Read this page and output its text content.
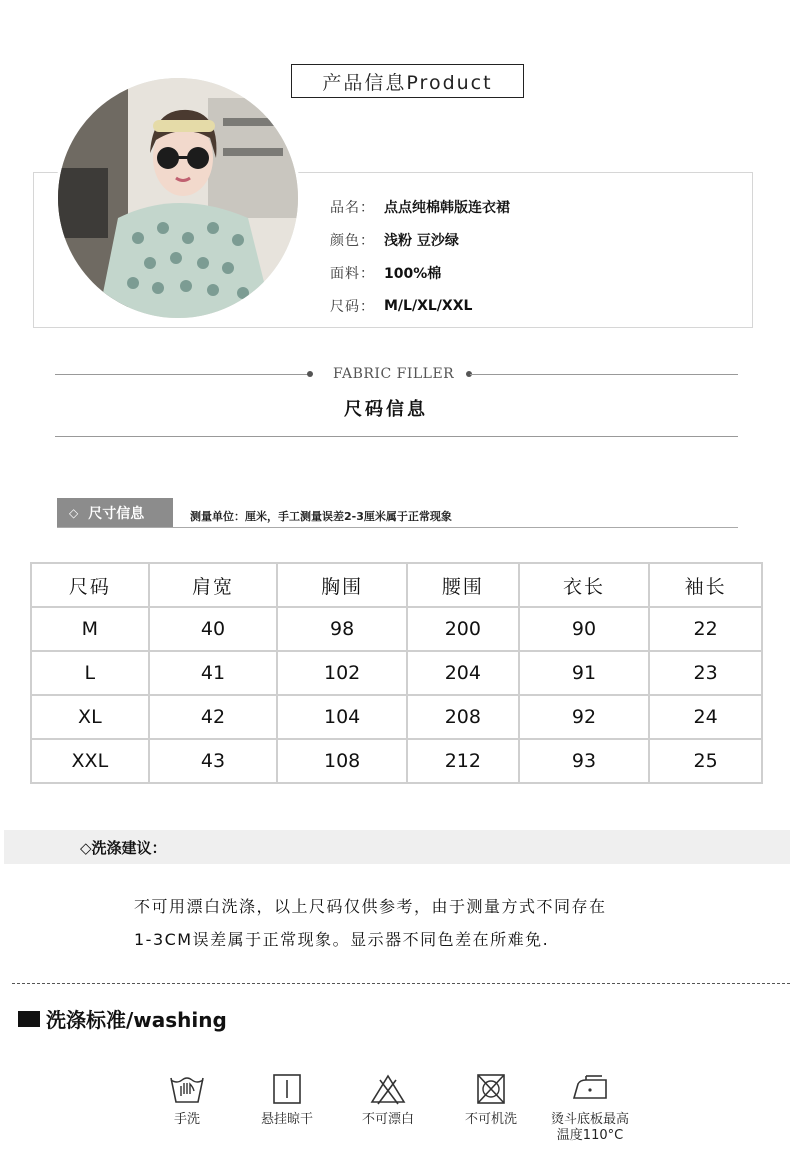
产品信息Product
品名： 点点纯棉韩版连衣裙
颜色： 浅粉 豆沙绿
面料： 100%棉
尺码： M/L/XL/XXL
FABRIC FILLER
尺码信息
◇ 尺寸信息	测量单位：厘米，手工测量误差2-3厘米属于正常现象
尺码	肩宽	胸围	腰围	衣长	袖长
M	40	98	200	90	22
L	41	102	204	91	23
XL	42	104	208	92	24
XXL	43	108	212	93	25
◇洗涤建议：
不可用漂白洗涤，以上尺码仅供参考，由于测量方式不同存在
1-3CM误差属于正常现象。显示器不同色差在所难免.
洗涤标准/washing
手洗	悬挂晾干	不可漂白	不可机洗	烫斗底板最高
温度110°C
